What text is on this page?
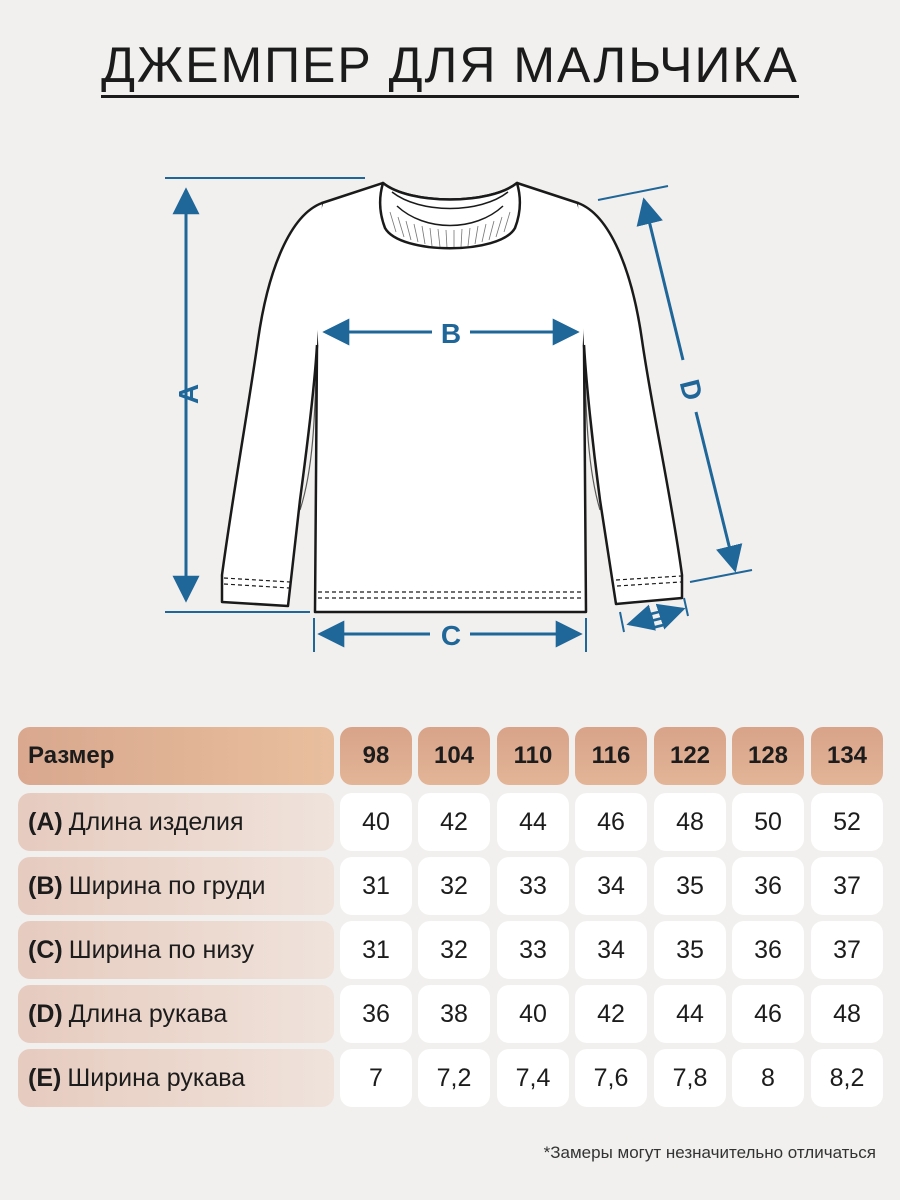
ДЖЕМПЕР ДЛЯ МАЛЬЧИКА
A
B
C
D
E
Размер	98	104	110	116	122	128	134
(A) Длина изделия	40	42	44	46	48	50	52
(B) Ширина по груди	31	32	33	34	35	36	37
(C) Ширина по низу	31	32	33	34	35	36	37
(D) Длина рукава	36	38	40	42	44	46	48
(E) Ширина рукава	7	7,2	7,4	7,6	7,8	8	8,2
*Замеры могут незначительно отличаться
